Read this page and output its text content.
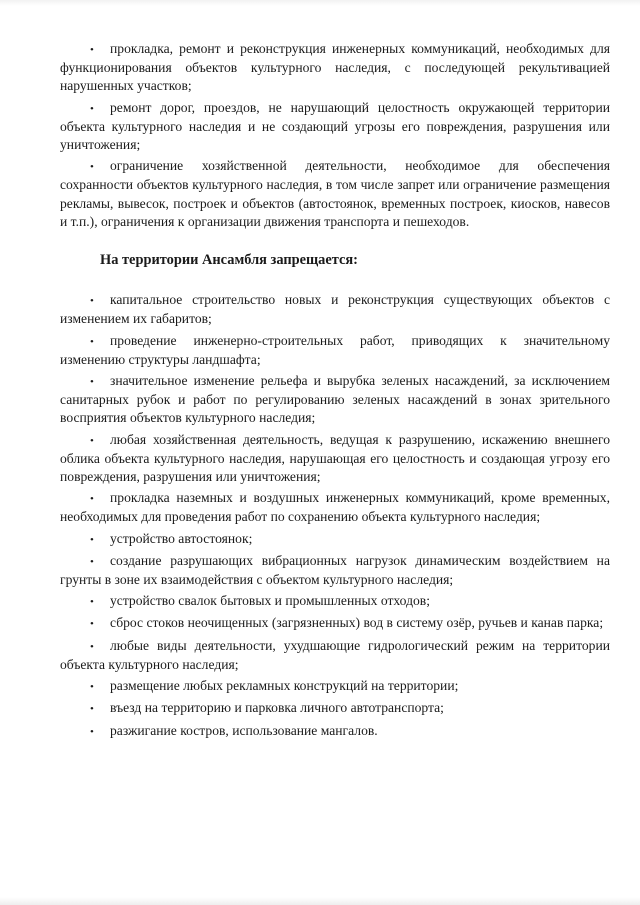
• прокладка, ремонт и реконструкция инженерных коммуникаций, необходимых для функционирования объектов культурного наследия, с последующей рекультивацией нарушенных участков;

• ремонт дорог, проездов, не нарушающий целостность окружающей территории объекта культурного наследия и не создающий угрозы его повреждения, разрушения или уничтожения;

• ограничение хозяйственной деятельности, необходимое для обеспечения сохранности объектов культурного наследия, в том числе запрет или ограничение размещения рекламы, вывесок, построек и объектов (автостоянок, временных построек, киосков, навесов и т.п.), ограничения к организации движения транспорта и пешеходов.

На территории Ансамбля запрещается:

• капитальное строительство новых и реконструкция существующих объектов с изменением их габаритов;

• проведение инженерно-строительных работ, приводящих к значительному изменению структуры ландшафта;

• значительное изменение рельефа и вырубка зеленых насаждений, за исключением санитарных рубок и работ по регулированию зеленых насаждений в зонах зрительного восприятия объектов культурного наследия;

• любая хозяйственная деятельность, ведущая к разрушению, искажению внешнего облика объекта культурного наследия, нарушающая его целостность и создающая угрозу его повреждения, разрушения или уничтожения;

• прокладка наземных и воздушных инженерных коммуникаций, кроме временных, необходимых для проведения работ по сохранению объекта культурного наследия;

• устройство автостоянок;

• создание разрушающих вибрационных нагрузок динамическим воздействием на грунты в зоне их взаимодействия с объектом культурного наследия;

• устройство свалок бытовых и промышленных отходов;

• сброс стоков неочищенных (загрязненных) вод в систему озёр, ручьев и канав парка;

• любые виды деятельности, ухудшающие гидрологический режим на территории объекта культурного наследия;

• размещение любых рекламных конструкций на территории;

• въезд на территорию и парковка личного автотранспорта;

• разжигание костров, использование мангалов.
